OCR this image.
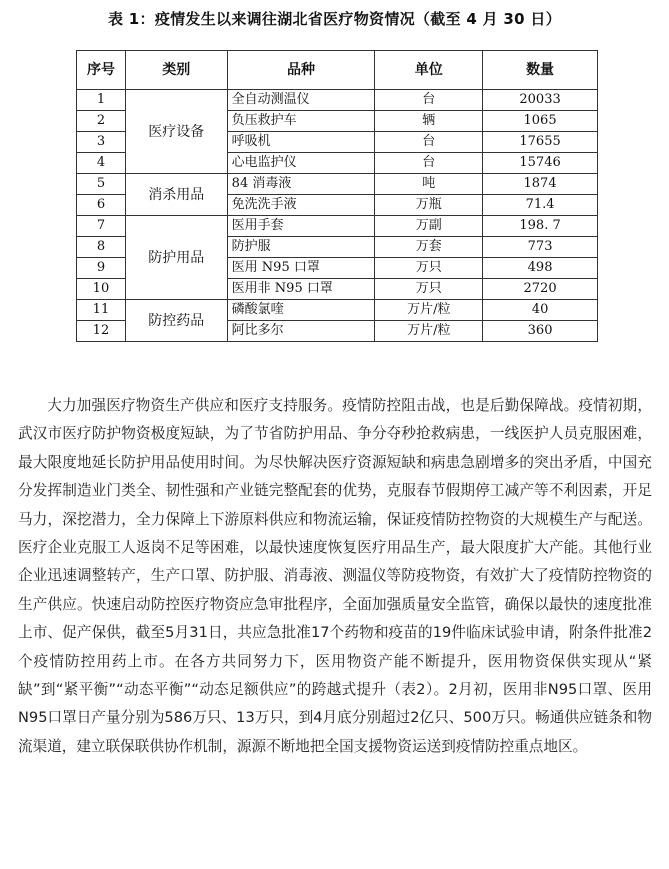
表 1：疫情发生以来调往湖北省医疗物资情况（截至 4 月 30 日）
序号	类别	品种	单位	数量
1	医疗设备	全自动测温仪	台	20033
2		负压救护车	辆	1065
3		呼吸机	台	17655
4		心电监护仪	台	15746
5	消杀用品	84 消毒液	吨	1874
6		免洗洗手液	万瓶	71.4
7	防护用品	医用手套	万副	198. 7
8		防护服	万套	773
9		医用 N95 口罩	万只	498
10		医用非 N95 口罩	万只	2720
11	防控药品	磷酸氯喹	万片/粒	40
12		阿比多尔	万片/粒	360

大力加强医疗物资生产供应和医疗支持服务。疫情防控阻击战，也是后勤保障战。疫情初期，武汉市医疗防护物资极度短缺，为了节省防护用品、争分夺秒抢救病患，一线医护人员克服困难，最大限度地延长防护用品使用时间。为尽快解决医疗资源短缺和病患急剧增多的突出矛盾，中国充分发挥制造业门类全、韧性强和产业链完整配套的优势，克服春节假期停工减产等不利因素，开足马力，深挖潜力，全力保障上下游原料供应和物流运输，保证疫情防控物资的大规模生产与配送。医疗企业克服工人返岗不足等困难，以最快速度恢复医疗用品生产，最大限度扩大产能。其他行业企业迅速调整转产，生产口罩、防护服、消毒液、测温仪等防疫物资，有效扩大了疫情防控物资的生产供应。快速启动防控医疗物资应急审批程序，全面加强质量安全监管，确保以最快的速度批准上市、促产保供，截至5月31日，共应急批准17个药物和疫苗的19件临床试验申请，附条件批准2个疫情防控用药上市。在各方共同努力下，医用物资产能不断提升，医用物资保供实现从“紧缺”到“紧平衡”“动态平衡”“动态足额供应”的跨越式提升（表2）。2月初，医用非N95口罩、医用N95口罩日产量分别为586万只、13万只，到4月底分别超过2亿只、500万只。畅通供应链条和物流渠道，建立联保联供协作机制，源源不断地把全国支援物资运送到疫情防控重点地区。
